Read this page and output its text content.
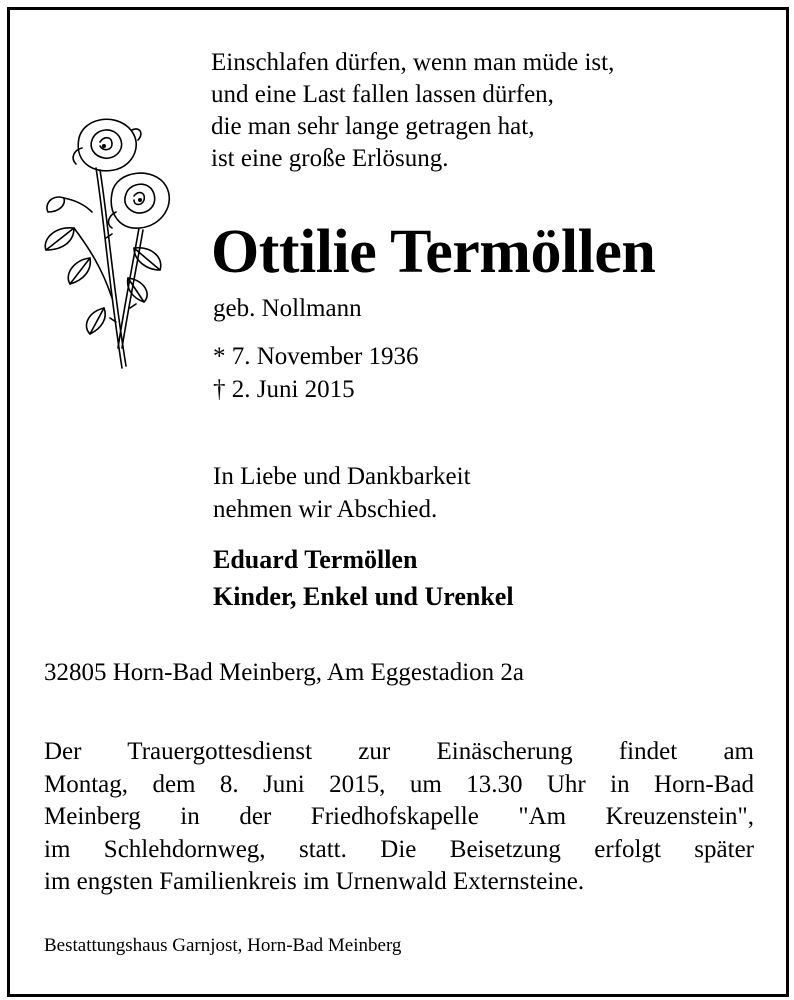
Einschlafen dürfen, wenn man müde ist,
und eine Last fallen lassen dürfen,
die man sehr lange getragen hat,
ist eine große Erlösung.
Ottilie Termöllen
geb. Nollmann
* 7. November 1936
† 2. Juni 2015
In Liebe und Dankbarkeit
nehmen wir Abschied.
Eduard Termöllen
Kinder, Enkel und Urenkel
32805 Horn-Bad Meinberg, Am Eggestadion 2a
Der Trauergottesdienst zur Einäscherung findet am
Montag, dem 8. Juni 2015, um 13.30 Uhr in Horn-Bad
Meinberg in der Friedhofskapelle "Am Kreuzenstein",
im Schlehdornweg, statt. Die Beisetzung erfolgt später
im engsten Familienkreis im Urnenwald Externsteine.
Bestattungshaus Garnjost, Horn-Bad Meinberg
